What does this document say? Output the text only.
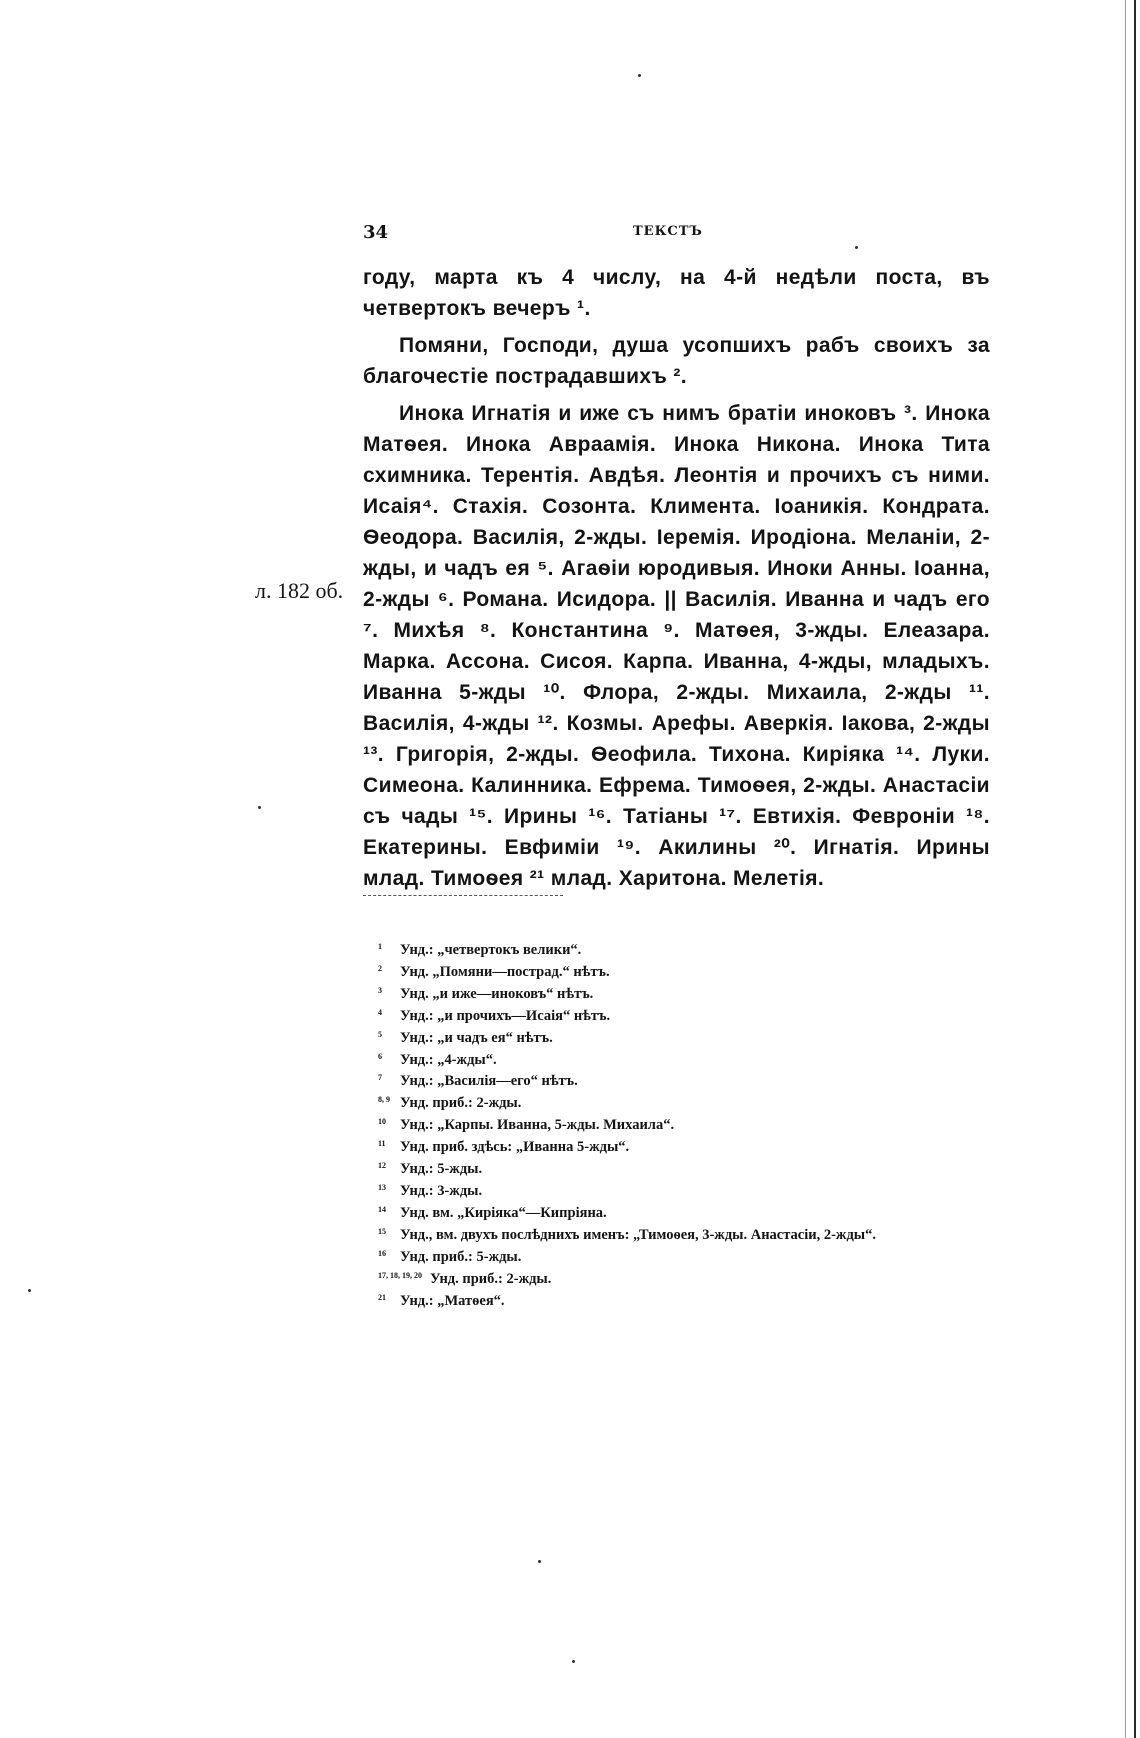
34	ТЕКСТЪ
л. 182 об.

году, марта къ 4 числу, на 4-й недѣли поста, въ четвертокъ вечеръ ¹.

Помяни, Господи, душа усопшихъ рабъ своихъ за благочестіе пострадавшихъ ².

Инока Игнатія и иже съ нимъ братіи иноковъ ³. Инока Матѳея. Инока Авраамія. Инока Никона. Инока Тита схимника. Терентія. Авдѣя. Леонтія и прочихъ съ ними. Исаія⁴. Стахія. Созонта. Климента. Іоаникія. Кондрата. Ѳеодора. Василія, 2-жды. Іеремія. Иродіона. Меланіи, 2-жды, и чадъ ея ⁵. Агаѳіи юродивыя. Иноки Анны. Іоанна, 2-жды ⁶. Романа. Исидора. || Василія. Иванна и чадъ его ⁷. Михѣя ⁸. Константина ⁹. Матѳея, 3-жды. Елеазара. Марка. Ассона. Сисоя. Карпа. Иванна, 4-жды, младыхъ. Иванна 5-жды ¹⁰. Флора, 2-жды. Михаила, 2-жды ¹¹. Василія, 4-жды ¹². Козмы. Арефы. Аверкія. Іакова, 2-жды ¹³. Григорія, 2-жды. Ѳеофила. Тихона. Киріяка ¹⁴. Луки. Симеона. Калинника. Ефрема. Тимоѳея, 2-жды. Анастасіи съ чады ¹⁵. Ирины ¹⁶. Татіаны ¹⁷. Евтихія. Февроніи ¹⁸. Екатерины. Евфиміи ¹⁹. Акилины ²⁰. Игнатія. Ирины млад. Тимоѳея ²¹ млад. Харитона. Мелетія.

1	Унд.: „четвертокъ велики“.
2	Унд. „Помяни—пострад.“ нѣтъ.
3	Унд. „и иже—иноковъ“ нѣтъ.
4	Унд.: „и прочихъ—Исаія“ нѣтъ.
5	Унд.: „и чадъ ея“ нѣтъ.
6	Унд.: „4-жды“.
7	Унд.: „Василія—его“ нѣтъ.
8, 9 Унд. приб.: 2-жды.
10 Унд.: „Карпы. Иванна, 5-жды. Михаила“.
11 Унд. приб. здѣсь: „Иванна 5-жды“.
12 Унд.: 5-жды.
13 Унд.: 3-жды.
14 Унд. вм. „Киріяка“—Кипріяна.
15 Унд., вм. двухъ послѣднихъ именъ: „Тимоѳея, 3-жды. Анастасіи, 2-жды“.
16 Унд. приб.: 5-жды.
17, 18, 19, 20 Унд. приб.: 2-жды.
21 Унд.: „Матѳея“.
